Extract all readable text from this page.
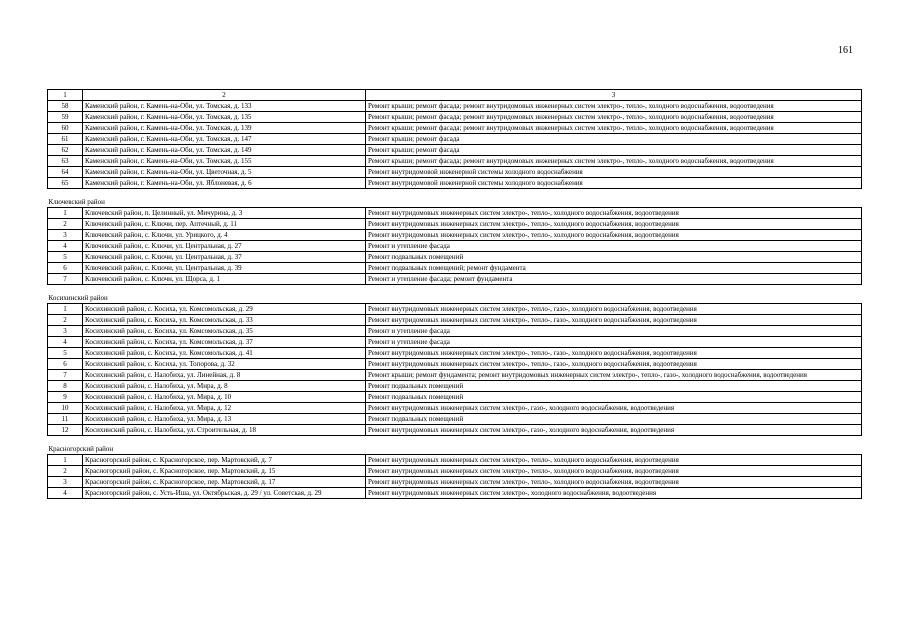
161
1	2	3
58	Каменский район, г. Камень-на-Оби, ул. Томская, д. 133	Ремонт крыши; ремонт фасада; ремонт внутридомовых инженерных систем электро-, тепло-, холодного водоснабжения, водоотведения
59	Каменский район, г. Камень-на-Оби, ул. Томская, д. 135	Ремонт крыши; ремонт фасада; ремонт внутридомовых инженерных систем электро-, тепло-, холодного водоснабжения, водоотведения
60	Каменский район, г. Камень-на-Оби, ул. Томская, д. 139	Ремонт крыши; ремонт фасада; ремонт внутридомовых инженерных систем электро-, тепло-, холодного водоснабжения, водоотведения
61	Каменский район, г. Камень-на-Оби, ул. Томская, д. 147	Ремонт крыши; ремонт фасада
62	Каменский район, г. Камень-на-Оби, ул. Томская, д. 149	Ремонт крыши; ремонт фасада
63	Каменский район, г. Камень-на-Оби, ул. Томская, д. 155	Ремонт крыши; ремонт фасада; ремонт внутридомовых инженерных систем электро-, тепло-, холодного водоснабжения, водоотведения
64	Каменский район, г. Камень-на-Оби, ул. Цветочная, д. 5	Ремонт внутридомовой инженерной системы холодного водоснабжения
65	Каменский район, г. Камень-на-Оби, ул. Яблоневая, д. 6	Ремонт внутридомовой инженерной системы холодного водоснабжения

Ключевский район		
1	Ключевский район, п. Целинный, ул. Мичурина, д. 3	Ремонт внутридомовых инженерных систем электро-, тепло-, холодного водоснабжения, водоотведения
2	Ключевский район, с. Ключи, пер. Аптечный, д. 11	Ремонт внутридомовых инженерных систем электро-, тепло-, холодного водоснабжения, водоотведения
3	Ключевский район, с. Ключи, ул. Урицкого, д. 4	Ремонт внутридомовых инженерных систем электро-, тепло-, холодного водоснабжения, водоотведения
4	Ключевский район, с. Ключи, ул. Центральная, д. 27	Ремонт и утепление фасада
5	Ключевский район, с. Ключи, ул. Центральная, д. 37	Ремонт подвальных помещений
6	Ключевский район, с. Ключи, ул. Центральная, д. 39	Ремонт подвальных помещений; ремонт фундамента
7	Ключевский район, с. Ключи, ул. Щорса, д. 1	Ремонт и утепление фасада; ремонт фундамента

Косихинский район		
1	Косихинский район, с. Косиха, ул. Комсомольская, д. 29	Ремонт внутридомовых инженерных систем электро-, тепло-, газо-, холодного водоснабжения, водоотведения
2	Косихинский район, с. Косиха, ул. Комсомольская, д. 33	Ремонт внутридомовых инженерных систем электро-, тепло-, газо-, холодного водоснабжения, водоотведения
3	Косихинский район, с. Косиха, ул. Комсомольская, д. 35	Ремонт и утепление фасада
4	Косихинский район, с. Косиха, ул. Комсомольская, д. 37	Ремонт и утепление фасада
5	Косихинский район, с. Косиха, ул. Комсомольская, д. 41	Ремонт внутридомовых инженерных систем электро-, тепло-, газо-, холодного водоснабжения, водоотведения
6	Косихинский район, с. Косиха, ул. Топорова, д. 32	Ремонт внутридомовых инженерных систем электро-, тепло-, газо-, холодного водоснабжения, водоотведения
7	Косихинский район, с. Налобиха, ул. Линейная, д. 8	Ремонт крыши; ремонт фундамента; ремонт внутридомовых инженерных систем электро-, тепло-, газо-, холодного водоснабжения, водоотведения
8	Косихинский район, с. Налобиха, ул. Мира, д. 8	Ремонт подвальных помещений
9	Косихинский район, с. Налобиха, ул. Мира, д. 10	Ремонт подвальных помещений
10	Косихинский район, с. Налобиха, ул. Мира, д. 12	Ремонт внутридомовых инженерных систем электро-, газо-, холодного водоснабжения, водоотведения
11	Косихинский район, с. Налобиха, ул. Мира, д. 13	Ремонт подвальных помещений
12	Косихинский район, с. Налобиха, ул. Строительная, д. 18	Ремонт внутридомовых инженерных систем электро-, газо-, холодного водоснабжения, водоотведения

Красногорский район		
1	Красногорский район, с. Красногорское, пер. Мартовский, д. 7	Ремонт внутридомовых инженерных систем электро-, тепло-, холодного водоснабжения, водоотведения
2	Красногорский район, с. Красногорское, пер. Мартовский, д. 15	Ремонт внутридомовых инженерных систем электро-, тепло-, холодного водоснабжения, водоотведения
3	Красногорский район, с. Красногорское, пер. Мартовский, д. 17	Ремонт внутридомовых инженерных систем электро-, тепло-, холодного водоснабжения, водоотведения
4	Красногорский район, с. Усть-Иша, ул. Октябрьская, д. 29 / ул. Советская, д. 29	Ремонт внутридомовых инженерных систем электро-, холодного водоснабжения, водоотведения
